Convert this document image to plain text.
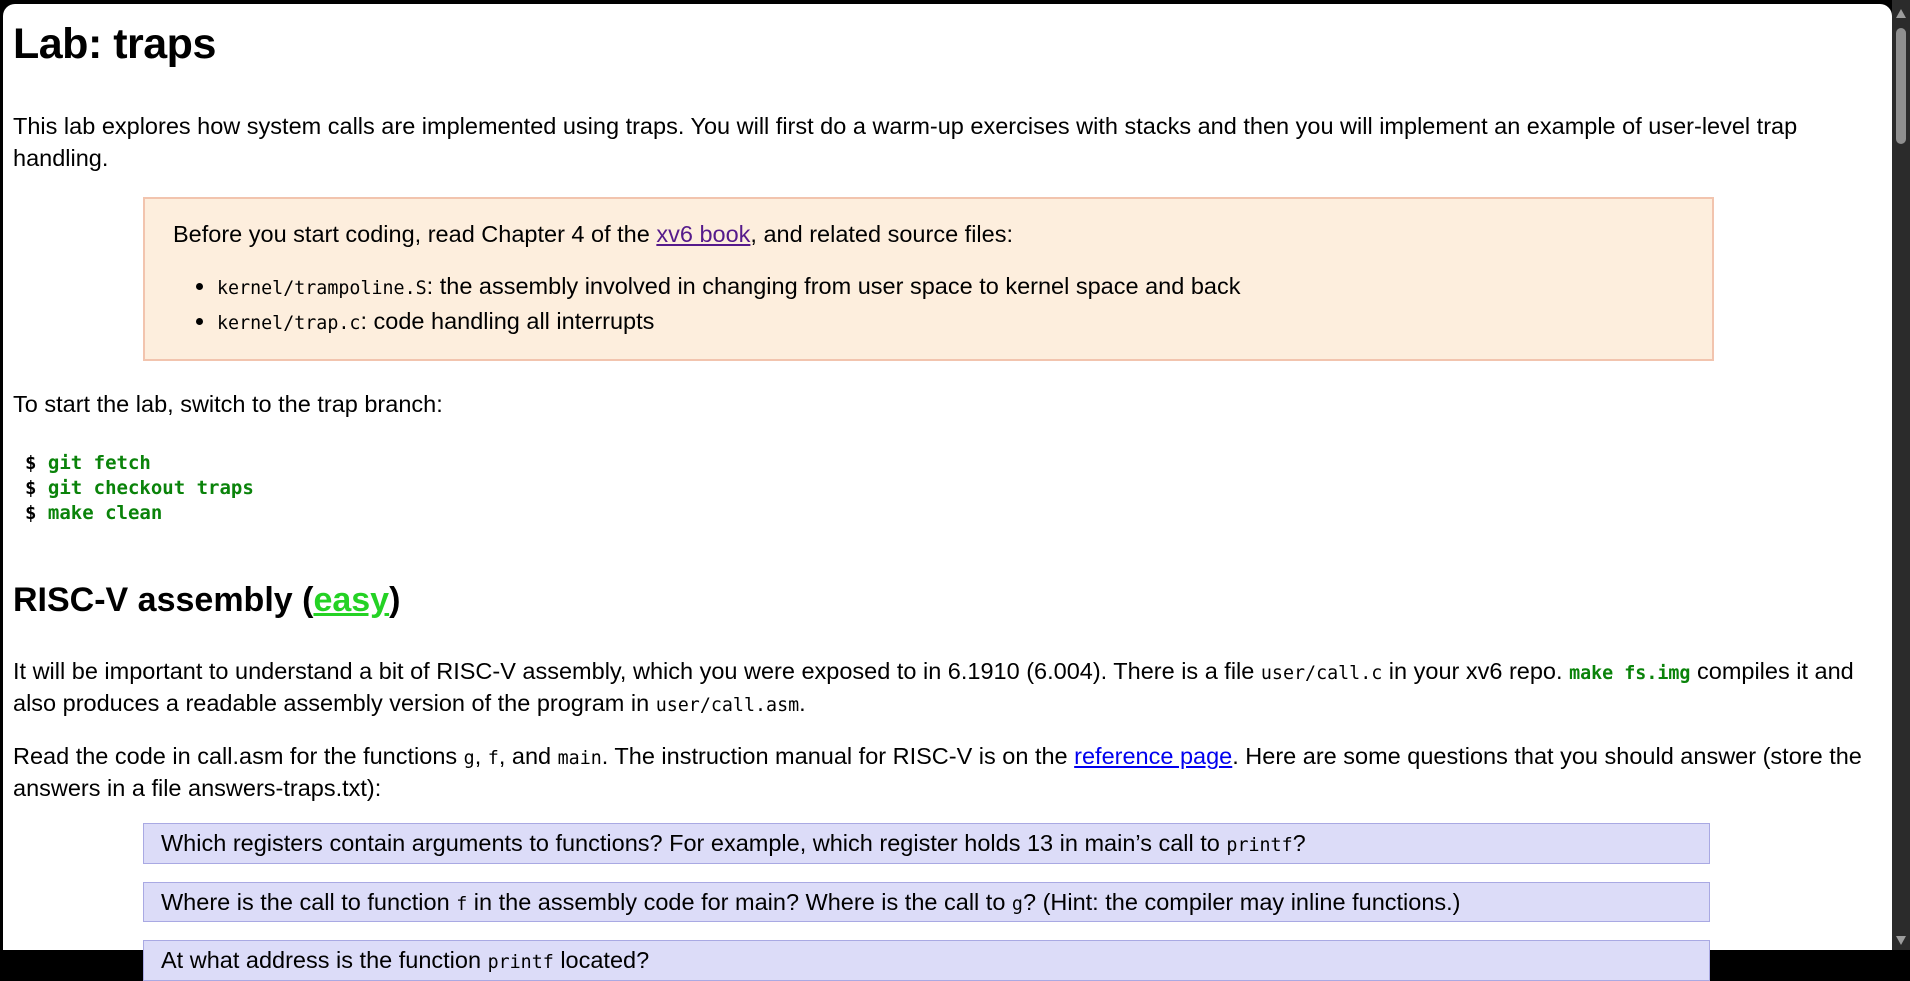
Lab: traps

This lab explores how system calls are implemented using traps. You will first do a warm-up exercises with stacks and then you will implement an example of user-level trap handling.

Before you start coding, read Chapter 4 of the xv6 book, and related source files:

• kernel/trampoline.S: the assembly involved in changing from user space to kernel space and back
• kernel/trap.c: code handling all interrupts

To start the lab, switch to the trap branch:

$ git fetch
$ git checkout traps
$ make clean
RISC-V assembly (easy)

It will be important to understand a bit of RISC-V assembly, which you were exposed to in 6.1910 (6.004). There is a file user/call.c in your xv6 repo. make fs.img compiles it and also produces a readable assembly version of the program in user/call.asm.

Read the code in call.asm for the functions g, f, and main. The instruction manual for RISC-V is on the reference page. Here are some questions that you should answer (store the answers in a file answers-traps.txt):

Which registers contain arguments to functions? For example, which register holds 13 in main’s call to printf?
Where is the call to function f in the assembly code for main? Where is the call to g? (Hint: the compiler may inline functions.)
At what address is the function printf located?
